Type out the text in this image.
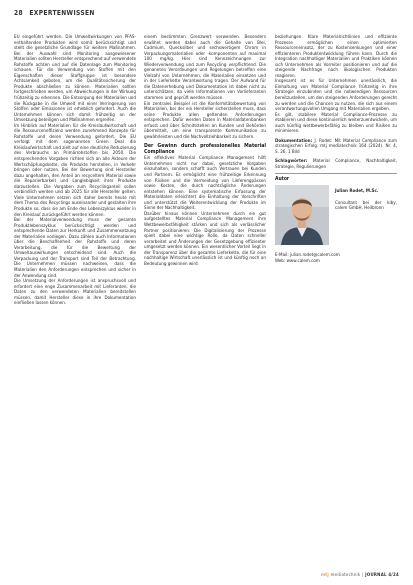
28 EXPERTENWISSEN

EU eingeführt werden. Die Umweltwirkungen von PFAS-enthaltenden Produkten wird somit berücksichtigt und stellt die gesetzliche Grundlage für weitere Maßnahmen. Bei der Auswahl sind Monitoring ausgewiesener Materialien sollten Hersteller entsprechend auf verwendete Rohstoffe achten und auf die Datenlage zum Monitoring schauen. Für die Verwendung von Stoffen mit den Eigenschaften dieser Stoffgruppe ist besondere Achtsamkeit geboten, um die Qualitätssicherung der Produkte abschließen zu können. Materialien sollten fortgeschrieben werden, um Abweichungen in der Wirkung frühzeitig zu erkennen. Die Entsorgung der Materialien und die Rückgabe in die Umwelt mit einer Verringerung von Stoffen oder Emissionen ist erheblich gefordert. Auch die Unternehmen können sich damit frühzeitig an der Umsetzung beteiligen und Maßnahmen ergreifen.

Im Hinblick auf Materialien für die Kreislaufwirtschaft und die Ressourceneffizienz werden zunehmend Konzepte für Rohstoffe und deren Verwendung gefordert. Die EU verfolgt mit dem sogenannten Green Deal die Kreislaufwirtschaft und zielt auf eine deutliche Reduzierung des Verbrauchs an Primärrohstoffen bis 2050. Die entsprechenden Vorgaben richten sich an alle Akteure der Wertschöpfungskette, die Produkte herstellen, in Verkehr bringen oder nutzen. Bei der Bewertung sind Hersteller dazu angehalten, den Anteil an recyceltem Material sowie die Reparierbarkeit und Langlebigkeit ihrer Produkte darzustellen. Die Vorgaben zum Recyclinganteil sollen verbindlich werden und ab 2025 für alle Hersteller gelten. Viele Unternehmen setzen sich daher bereits heute mit dem Thema des Recyclings auseinander und gestalten ihre Produkte so, dass sie am Ende des Lebenszyklus wieder in den Kreislauf zurückgeführt werden können.

Bei der Materialverwendung muss der gesamte Produktlebenszyklus berücksichtigt werden und entsprechende Daten zur Herkunft und Zusammensetzung der Materialien vorliegen. Dazu zählen auch Informationen über die Beschaffenheit der Rohstoffe und deren Verarbeitung, die für die Bewertung der Umweltauswirkungen entscheidend sind. Auch die Verpackung und der Transport sind Teil der Betrachtung. Die Unternehmen müssen nachweisen, dass die Materialien den Anforderungen entsprechen und sicher in der Anwendung sind.

Die Umsetzung der Anforderungen ist anspruchsvoll und erfordert eine enge Zusammenarbeit mit Lieferanten, die Daten zu den verwendeten Materialien bereitstellen müssen, damit Hersteller diese in ihre Dokumentation einfließen lassen können.

einem bestimmten Grenzwert verwenden. Besonders erwähnt werden dabei auch die Gehalte von Blei, Cadmium, Quecksilber und sechswertigem Chrom in Verpackungsmaterialien oder -komponenten auf maximal 100 mg/kg. Hier sind Kennzeichnungen zur Wiederverwendung und zum Recycling verpflichtend. Die genannten Verordnungen und Regelungen betreffen eine Vielzahl von Unternehmen, die Materialien einsetzen und in der Lieferkette Verantwortung tragen. Der Aufwand für die Datenerhebung und Dokumentation ist dabei nicht zu unterschätzen, da viele Informationen von Vorlieferanten stammen und geprüft werden müssen.

Ein zentrales Beispiel ist die Konformitätsbewertung von Materialien, bei der ein Hersteller sicherstellen muss, dass seine Produkte allen geltenden Anforderungen entsprechen. Dafür werden Daten in Materialdatenbanken erfasst und über Schnittstellen an Kunden und Behörden übermittelt, um eine transparente Kommunikation zu gewährleisten und die Nachvollziehbarkeit zu sichern.

Der Gewinn durch professionelles Material Compliance

Ein effektives Material Compliance Management hilft Unternehmen nicht nur dabei, gesetzliche Vorgaben einzuhalten, sondern schafft auch Vertrauen bei Kunden und Partnern. Es ermöglicht eine frühzeitige Erkennung von Risiken und die Vermeidung von Lieferengpässen sowie Kosten, die durch nachträgliche Änderungen entstehen können. Eine systematische Erfassung der Materialdaten erleichtert die Einhaltung der Vorschriften und unterstützt die Weiterentwicklung der Produkte im Sinne der Nachhaltigkeit.

Darüber hinaus können Unternehmen durch ein gut aufgestelltes Material Compliance Management ihre Wettbewerbsfähigkeit stärken und sich als verlässlicher Partner positionieren. Die Digitalisierung der Prozesse spielt dabei eine wichtige Rolle, da Daten schneller verarbeitet und Änderungen der Gesetzgebung effizienter umgesetzt werden können. Ein wesentlicher Vorteil liegt in der Transparenz über die gesamte Lieferkette, die für eine nachhaltige Wirtschaft unerlässlich ist und künftig noch an Bedeutung gewinnen wird.

beziehungen. Klare Materialrichtlinien und effiziente Prozesse ermöglichen einen optimierten Ressourceneinsatz, der zu Kostensenkungen und einer effizienteren Produktentwicklung führen kann. Durch die Integration nachhaltiger Materialien und Praktiken können sich Unternehmen als Vorreiter positionieren und auf die steigende Nachfrage nach ökologischen Produkten reagieren.

Insgesamt ist es für Unternehmen unerlässlich, die Einhaltung von Material Compliance frühzeitig in ihre Strategie einzubinden und die notwendigen Ressourcen bereitzustellen, um den steigenden Anforderungen gerecht zu werden und die Chancen zu nutzen, die sich aus einem verantwortungsvollen Umgang mit Materialien ergeben.

Es gilt, stabilere Material Compliance-Prozesse zu etablieren und diese kontinuierlich weiterzuentwickeln, um auch künftig wettbewerbsfähig zu bleiben und Risiken zu minimieren.

Dokumentation: J. Rodet: Mit Material Compliance zum strategischen Erfolg. mtj mediatechnik 164 (2024). Nr. 4, S. 26, 1 Bild

Schlagwörter: Material Compliance, Nachhaltigkeit, Strategie, Regulierungen

Autor
Julian Rodet, M.Sc.
Consultant bei der kiby, calem GmbH, Heilbronn
E-Mail: julian.rodet@calem.com
Web: www.calem.com
mtj mediatechnik | JOURNAL 4/24
